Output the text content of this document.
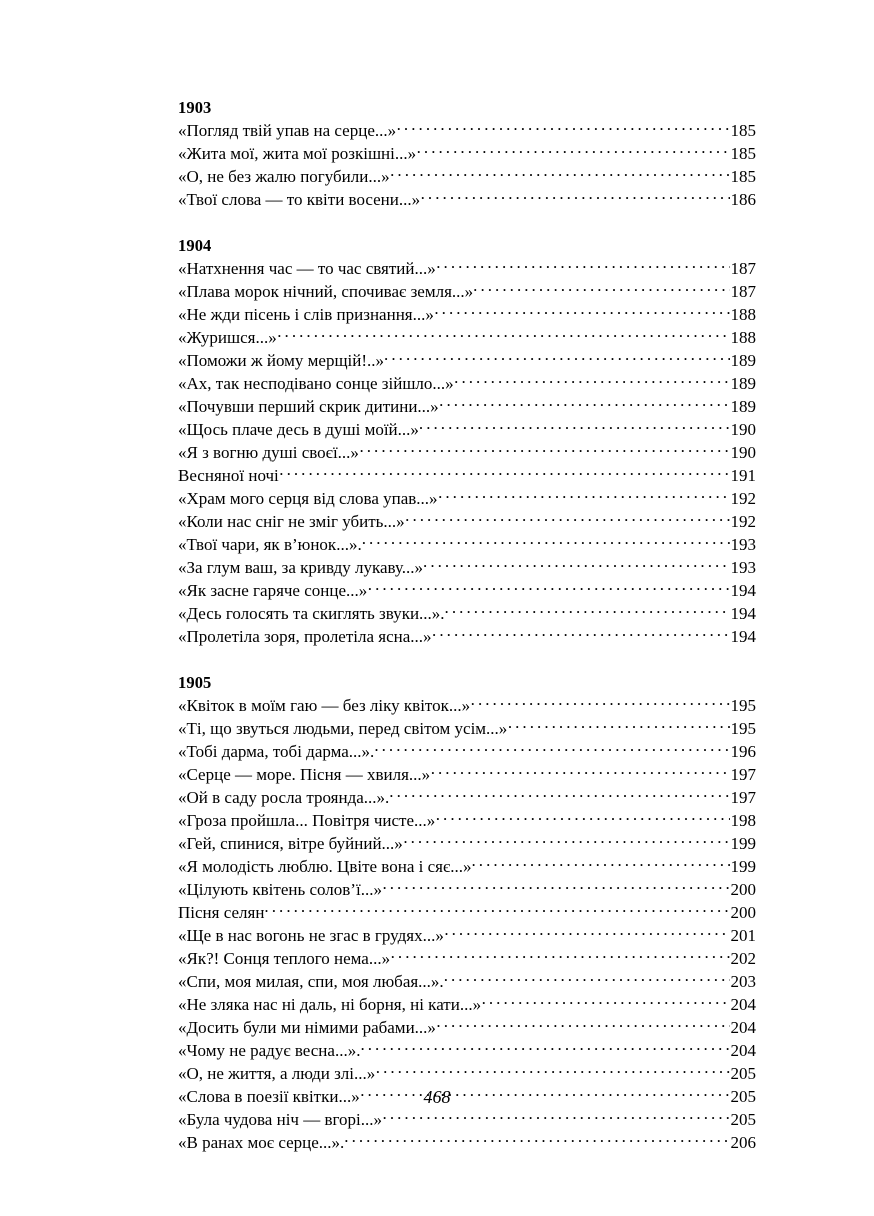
1903
«Погляд твій упав на серце...» . . .	185
«Жита мої, жита мої розкішні...» . . .	185
«О, не без жалю погубили...» . . .	185
«Твої слова — то квіти восени...» . . .	186
1904
«Натхнення час — то час святий...» . . .	187
«Плава морок нічний, спочиває земля...» . . .	187
«Не жди пісень і слів признання...» . . .	188
«Журишся...» . . .	188
«Поможи ж йому мерщій!..» . . .	189
«Ах, так несподівано сонце зійшло...» . . .	189
«Почувши перший скрик дитини...» . . .	189
«Щось плаче десь в душі моїй...» . . .	190
«Я з вогню душі своєї...» . . .	190
Весняної ночі . . .	191
«Храм мого серця від слова упав...» . . .	192
«Коли нас сніг не зміг убить...» . . .	192
«Твої чари, як в’юнок...». . . .	193
«За глум ваш, за кривду лукаву...» . . .	193
«Як засне гаряче сонце...» . . .	194
«Десь голосять та скиглять звуки...». . . .	194
«Пролетіла зоря, пролетіла ясна...» . . .	194
1905
«Квіток в моїм гаю — без ліку квіток...» . . .	195
«Ті, що звуться людьми, перед світом усім...» . . .	195
«Тобі дарма, тобі дарма...». . . .	196
«Серце — море. Пісня — хвиля...» . . .	197
«Ой в саду росла троянда...». . . .	197
«Гроза пройшла... Повітря чисте...» . . .	198
«Гей, спинися, вітре буйний...» . . .	199
«Я молодість люблю. Цвіте вона і сяє...» . . .	199
«Цілують квітень солов’ї...» . . .	200
Пісня селян . . .	200
«Ще в нас вогонь не згас в грудях...» . . .	201
«Як?! Сонця теплого нема...» . . .	202
«Спи, моя милая, спи, моя любая...». . . .	203
«Не зляка нас ні даль, ні борня, ні кати...» . . .	204
«Досить були ми німими рабами...» . . .	204
«Чому не радує весна...». . . .	204
«О, не життя, а люди злі...» . . .	205
«Слова в поезії квітки...» . . .	205
«Була чудова ніч — вгорі...» . . .	205
«В ранах моє серце...». . . .	206
468
